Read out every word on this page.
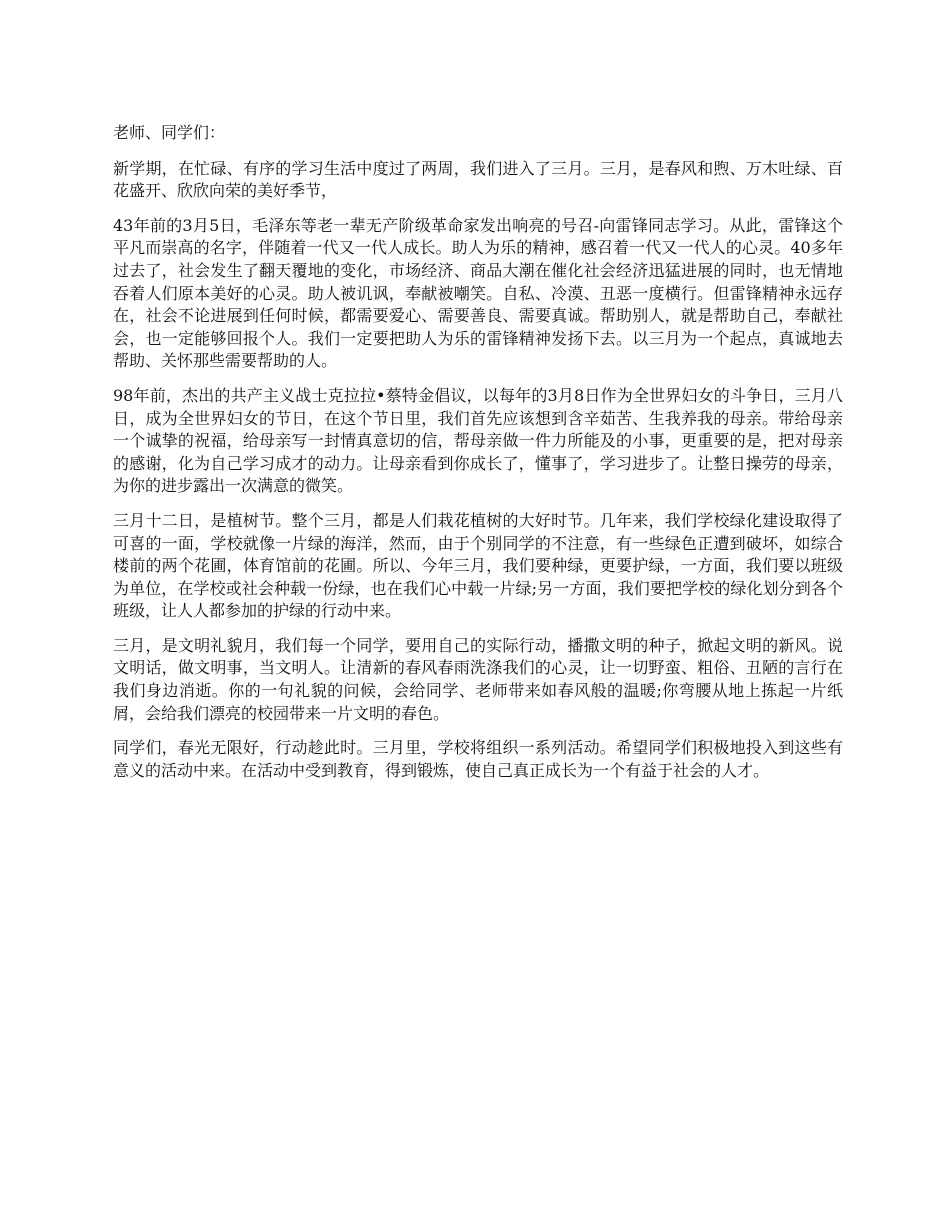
老师、同学们：

新学期，在忙碌、有序的学习生活中度过了两周，我们进入了三月。三月，是春风和煦、万木吐绿、百花盛开、欣欣向荣的美好季节，

43年前的3月5日，毛泽东等老一辈无产阶级革命家发出响亮的号召-向雷锋同志学习。从此，雷锋这个平凡而崇高的名字，伴随着一代又一代人成长。助人为乐的精神，感召着一代又一代人的心灵。40多年过去了，社会发生了翻天覆地的变化，市场经济、商品大潮在催化社会经济迅猛进展的同时，也无情地吞着人们原本美好的心灵。助人被讥讽，奉献被嘲笑。自私、冷漠、丑恶一度横行。但雷锋精神永远存在，社会不论进展到任何时候，都需要爱心、需要善良、需要真诚。帮助别人，就是帮助自己，奉献社会，也一定能够回报个人。我们一定要把助人为乐的雷锋精神发扬下去。以三月为一个起点，真诚地去帮助、关怀那些需要帮助的人。

98年前，杰出的共产主义战士克拉拉•蔡特金倡议，以每年的3月8日作为全世界妇女的斗争日，三月八日，成为全世界妇女的节日，在这个节日里，我们首先应该想到含辛茹苦、生我养我的母亲。带给母亲一个诚挚的祝福，给母亲写一封情真意切的信，帮母亲做一件力所能及的小事，更重要的是，把对母亲的感谢，化为自己学习成才的动力。让母亲看到你成长了，懂事了，学习进步了。让整日操劳的母亲，为你的进步露出一次满意的微笑。

三月十二日，是植树节。整个三月，都是人们栽花植树的大好时节。几年来，我们学校绿化建设取得了可喜的一面，学校就像一片绿的海洋，然而，由于个别同学的不注意，有一些绿色正遭到破坏，如综合楼前的两个花圃，体育馆前的花圃。所以、今年三月，我们要种绿，更要护绿，一方面，我们要以班级为单位，在学校或社会种载一份绿，也在我们心中载一片绿;另一方面，我们要把学校的绿化划分到各个班级，让人人都参加的护绿的行动中来。

三月，是文明礼貌月，我们每一个同学，要用自己的实际行动，播撒文明的种子，掀起文明的新风。说文明话，做文明事，当文明人。让清新的春风春雨洗涤我们的心灵，让一切野蛮、粗俗、丑陋的言行在我们身边消逝。你的一句礼貌的问候，会给同学、老师带来如春风般的温暖;你弯腰从地上拣起一片纸屑，会给我们漂亮的校园带来一片文明的春色。

同学们，春光无限好，行动趁此时。三月里，学校将组织一系列活动。希望同学们积极地投入到这些有意义的活动中来。在活动中受到教育，得到锻炼，使自己真正成长为一个有益于社会的人才。
